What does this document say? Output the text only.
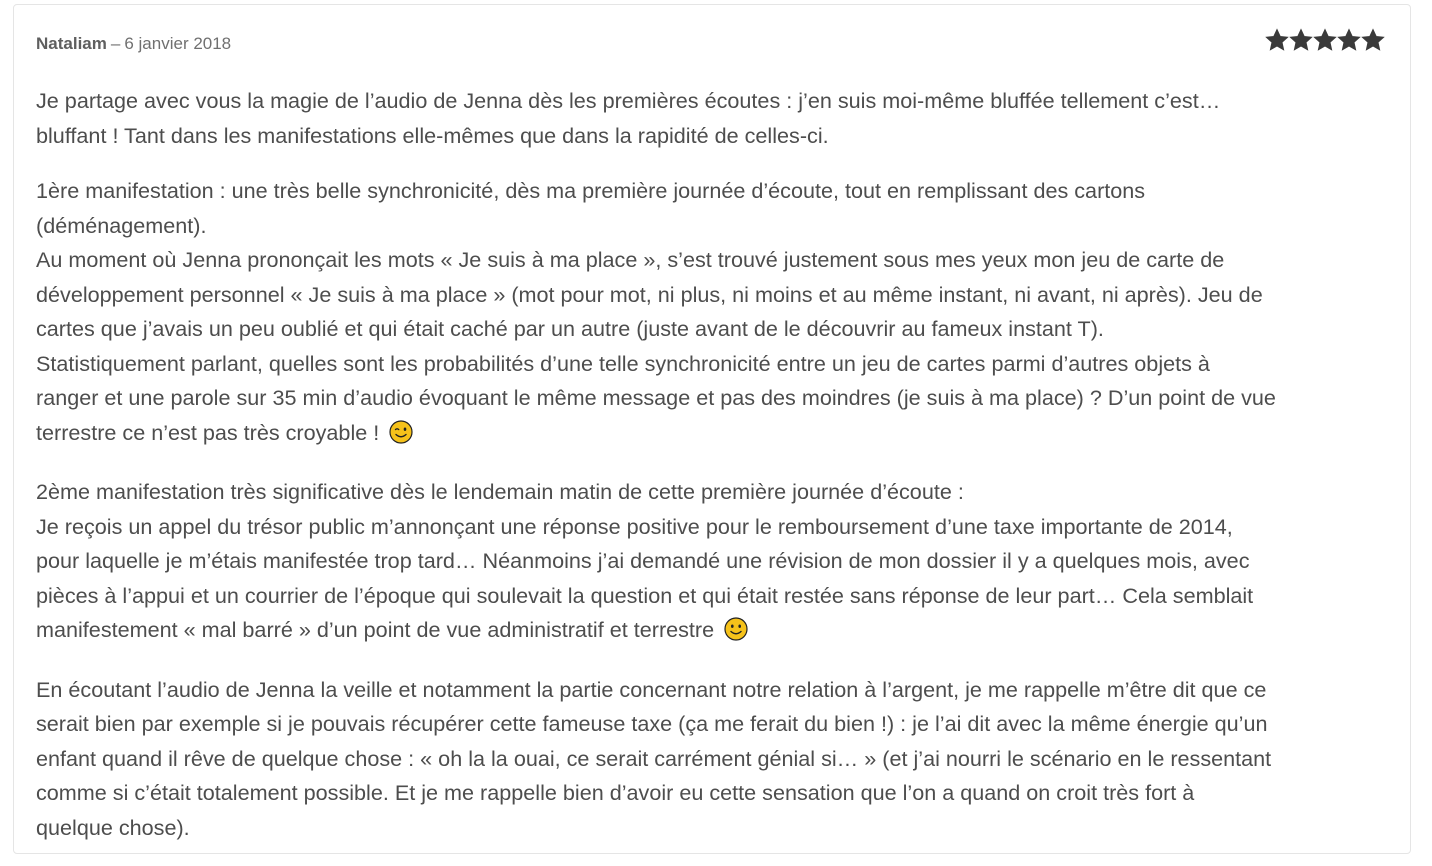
Nataliam – 6 janvier 2018

Je partage avec vous la magie de l’audio de Jenna dès les premières écoutes : j’en suis moi-même bluffée tellement c’est…
bluffant ! Tant dans les manifestations elle-mêmes que dans la rapidité de celles-ci.

1ère manifestation : une très belle synchronicité, dès ma première journée d’écoute, tout en remplissant des cartons
(déménagement).
Au moment où Jenna prononçait les mots « Je suis à ma place », s’est trouvé justement sous mes yeux mon jeu de carte de
développement personnel « Je suis à ma place » (mot pour mot, ni plus, ni moins et au même instant, ni avant, ni après). Jeu de
cartes que j’avais un peu oublié et qui était caché par un autre (juste avant de le découvrir au fameux instant T).
Statistiquement parlant, quelles sont les probabilités d’une telle synchronicité entre un jeu de cartes parmi d’autres objets à
ranger et une parole sur 35 min d’audio évoquant le même message et pas des moindres (je suis à ma place) ? D’un point de vue
terrestre ce n’est pas très croyable !

2ème manifestation très significative dès le lendemain matin de cette première journée d’écoute :
Je reçois un appel du trésor public m’annonçant une réponse positive pour le remboursement d’une taxe importante de 2014,
pour laquelle je m’étais manifestée trop tard… Néanmoins j’ai demandé une révision de mon dossier il y a quelques mois, avec
pièces à l’appui et un courrier de l’époque qui soulevait la question et qui était restée sans réponse de leur part… Cela semblait
manifestement « mal barré » d’un point de vue administratif et terrestre

En écoutant l’audio de Jenna la veille et notamment la partie concernant notre relation à l’argent, je me rappelle m’être dit que ce
serait bien par exemple si je pouvais récupérer cette fameuse taxe (ça me ferait du bien !) : je l’ai dit avec la même énergie qu’un
enfant quand il rêve de quelque chose : « oh la la ouai, ce serait carrément génial si… » (et j’ai nourri le scénario en le ressentant
comme si c’était totalement possible. Et je me rappelle bien d’avoir eu cette sensation que l’on a quand on croit très fort à
quelque chose).
